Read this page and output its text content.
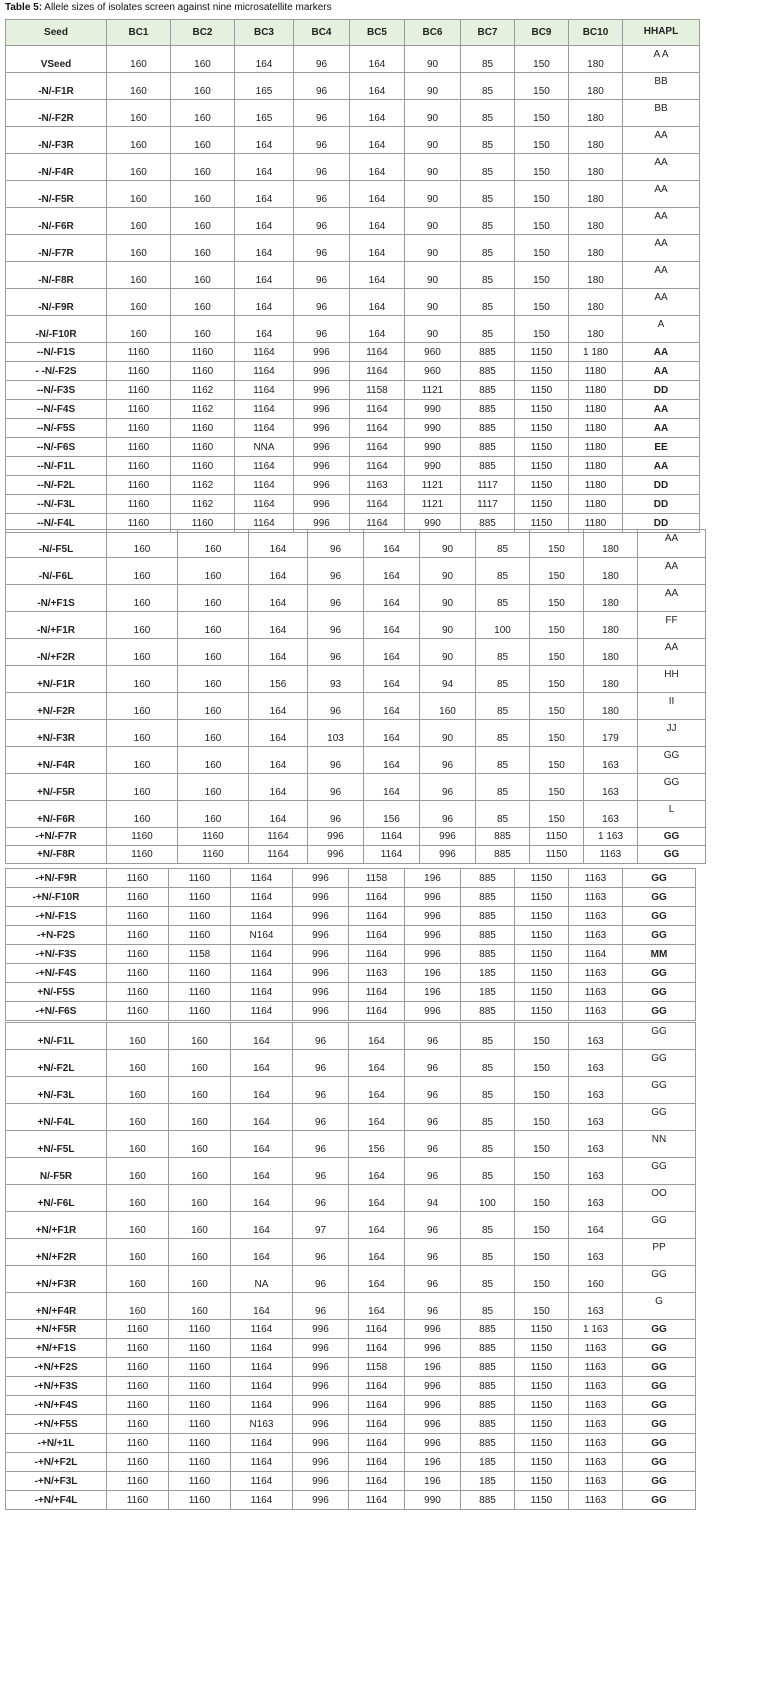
Table 5: Allele sizes of isolates screen against nine microsatellite markers
Seed	BC1	BC2	BC3	BC4	BC5	BC6	BC7	BC9	BC10	HHAPL
VSeed	160	160	164	96	164	90	85	150	180	A A
-N/-F1R	160	160	165	96	164	90	85	150	180	BB
-N/-F2R	160	160	165	96	164	90	85	150	180	BB
-N/-F3R	160	160	164	96	164	90	85	150	180	AA
-N/-F4R	160	160	164	96	164	90	85	150	180	AA
-N/-F5R	160	160	164	96	164	90	85	150	180	AA
-N/-F6R	160	160	164	96	164	90	85	150	180	AA
-N/-F7R	160	160	164	96	164	90	85	150	180	AA
-N/-F8R	160	160	164	96	164	90	85	150	180	AA
-N/-F9R	160	160	164	96	164	90	85	150	180	AA
-N/-F10R	160	160	164	96	164	90	85	150	180	A
--N/-F1S	1160	1160	1164	996	1164	960	885	1150	1 180	AA
- -N/-F2S	1160	1160	1164	996	1164	960	885	1150	1180	AA
--N/-F3S	1160	1162	1164	996	1158	1121	885	1150	1180	DD
--N/-F4S	1160	1162	1164	996	1164	990	885	1150	1180	AA
--N/-F5S	1160	1160	1164	996	1164	990	885	1150	1180	AA
--N/-F6S	1160	1160	NNA	996	1164	990	885	1150	1180	EE
--N/-F1L	1160	1160	1164	996	1164	990	885	1150	1180	AA
--N/-F2L	1160	1162	1164	996	1163	1121	1117	1150	1180	DD
--N/-F3L	1160	1162	1164	996	1164	1121	1117	1150	1180	DD
--N/-F4L	1160	1160	1164	996	1164	990	885	1150	1180	DD
-N/-F5L	160	160	164	96	164	90	85	150	180	AA
-N/-F6L	160	160	164	96	164	90	85	150	180	AA
-N/+F1S	160	160	164	96	164	90	85	150	180	AA
-N/+F1R	160	160	164	96	164	90	100	150	180	FF
-N/+F2R	160	160	164	96	164	90	85	150	180	AA
+N/-F1R	160	160	156	93	164	94	85	150	180	HH
+N/-F2R	160	160	164	96	164	160	85	150	180	II
+N/-F3R	160	160	164	103	164	90	85	150	179	JJ
+N/-F4R	160	160	164	96	164	96	85	150	163	GG
+N/-F5R	160	160	164	96	164	96	85	150	163	GG
+N/-F6R	160	160	164	96	156	96	85	150	163	L
-+N/-F7R	1160	1160	1164	996	1164	996	885	1150	1 163	GG
+N/-F8R	1160	1160	1164	996	1164	996	885	1150	1163	GG
-+N/-F9R	1160	1160	1164	996	1158	196	885	1150	1163	GG
-+N/-F10R	1160	1160	1164	996	1164	996	885	1150	1163	GG
-+N/-F1S	1160	1160	1164	996	1164	996	885	1150	1163	GG
-+N-F2S	1160	1160	N164	996	1164	996	885	1150	1163	GG
-+N/-F3S	1160	1158	1164	996	1164	996	885	1150	1164	MM
-+N/-F4S	1160	1160	1164	996	1163	196	185	1150	1163	GG
+N/-F5S	1160	1160	1164	996	1164	196	185	1150	1163	GG
-+N/-F6S	1160	1160	1164	996	1164	996	885	1150	1163	GG
+N/-F1L	160	160	164	96	164	96	85	150	163	GG
+N/-F2L	160	160	164	96	164	96	85	150	163	GG
+N/-F3L	160	160	164	96	164	96	85	150	163	GG
+N/-F4L	160	160	164	96	164	96	85	150	163	GG
+N/-F5L	160	160	164	96	156	96	85	150	163	NN
N/-F5R	160	160	164	96	164	96	85	150	163	GG
+N/-F6L	160	160	164	96	164	94	100	150	163	OO
+N/+F1R	160	160	164	97	164	96	85	150	164	GG
+N/+F2R	160	160	164	96	164	96	85	150	163	PP
+N/+F3R	160	160	NA	96	164	96	85	150	160	GG
+N/+F4R	160	160	164	96	164	96	85	150	163	G
+N/+F5R	1160	1160	1164	996	1164	996	885	1150	1 163	GG
+N/+F1S	1160	1160	1164	996	1164	996	885	1150	1163	GG
-+N/+F2S	1160	1160	1164	996	1158	196	885	1150	1163	GG
-+N/+F3S	1160	1160	1164	996	1164	996	885	1150	1163	GG
-+N/+F4S	1160	1160	1164	996	1164	996	885	1150	1163	GG
-+N/+F5S	1160	1160	N163	996	1164	996	885	1150	1163	GG
-+N/+1L	1160	1160	1164	996	1164	996	885	1150	1163	GG
-+N/+F2L	1160	1160	1164	996	1164	196	185	1150	1163	GG
-+N/+F3L	1160	1160	1164	996	1164	196	185	1150	1163	GG
-+N/+F4L	1160	1160	1164	996	1164	990	885	1150	1163	GG
